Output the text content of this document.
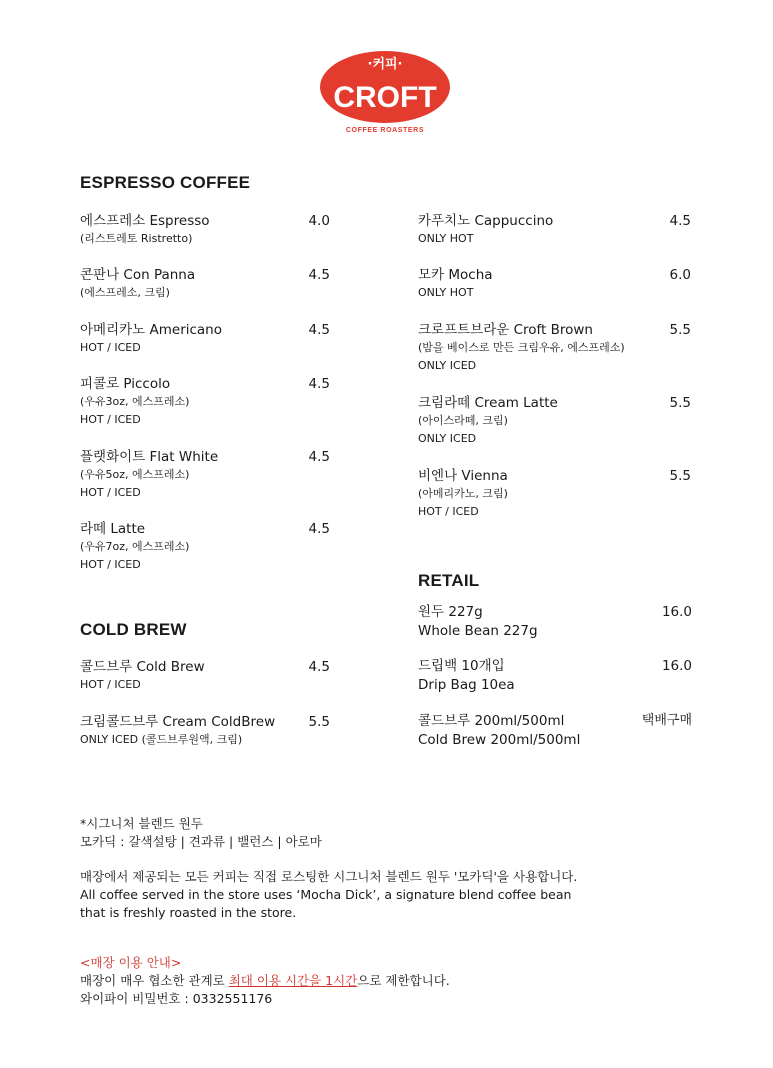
·커피·
CROFT
COFFEE ROASTERS
ESPRESSO COFFEE
COLD BREW
RETAIL
에스프레소 Espresso
(리스트레토 Ristretto)
4.0
콘판나 Con Panna
(에스프레소, 크림)
4.5
아메리카노 Americano
HOT / ICED
4.5
피콜로 Piccolo
(우유3oz, 에스프레소)
HOT / ICED
4.5
플랫화이트 Flat White
(우유5oz, 에스프레소)
HOT / ICED
4.5
라떼 Latte
(우유7oz, 에스프레소)
HOT / ICED
4.5
카푸치노 Cappuccino
ONLY HOT
4.5
모카 Mocha
ONLY HOT
6.0
크로프트브라운 Croft Brown
(밤을 베이스로 만든 크림우유, 에스프레소)
ONLY ICED
5.5
크림라떼 Cream Latte
(아이스라떼, 크림)
ONLY ICED
5.5
비엔나 Vienna
(아메리카노, 크림)
HOT / ICED
5.5
콜드브루 Cold Brew
HOT / ICED
4.5
크림콜드브루 Cream ColdBrew
ONLY ICED (콜드브루원액, 크림)
5.5
원두 227g
Whole Bean 227g
16.0
드립백 10개입
Drip Bag 10ea
16.0
콜드브루 200ml/500ml
Cold Brew 200ml/500ml
택배구매
*시그니처 블렌드 원두
모카딕 : 갈색설탕 | 견과류 | 밸런스 | 아로마
매장에서 제공되는 모든 커피는 직접 로스팅한 시그니처 블렌드 원두 '모카딕'을 사용합니다.
All coffee served in the store uses ‘Mocha Dick’, a signature blend coffee bean
that is freshly roasted in the store.
<매장 이용 안내>
매장이 매우 협소한 관계로 최대 이용 시간을 1시간으로 제한합니다.
와이파이 비밀번호 : 0332551176
